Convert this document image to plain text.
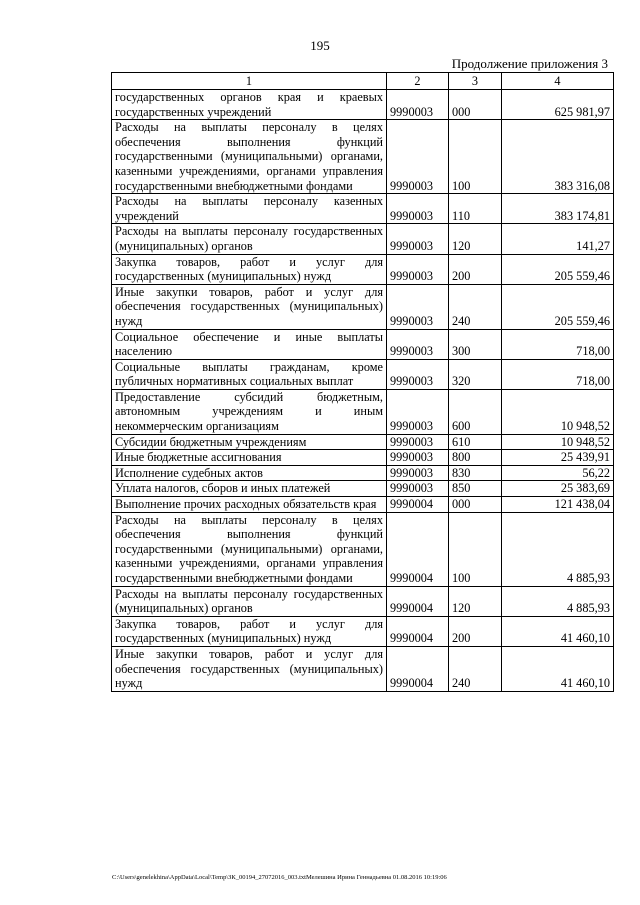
195
Продолжение приложения 3
1	2	3	4
государственных органов края и краевых государственных учреждений	9990003	000	625 981,97
Расходы на выплаты персоналу в целях обеспечения выполнения функций государственными (муниципальными) органами, казенными учреждениями, органами управления государственными внебюджетными фондами	9990003	100	383 316,08
Расходы на выплаты персоналу казенных учреждений	9990003	110	383 174,81
Расходы на выплаты персоналу государственных (муниципальных) органов	9990003	120	141,27
Закупка товаров, работ и услуг для государственных (муниципальных) нужд	9990003	200	205 559,46
Иные закупки товаров, работ и услуг для обеспечения государственных (муниципальных) нужд	9990003	240	205 559,46
Социальное обеспечение и иные выплаты населению	9990003	300	718,00
Социальные выплаты гражданам, кроме публичных нормативных социальных выплат	9990003	320	718,00
Предоставление субсидий бюджетным, автономным учреждениям и иным некоммерческим организациям	9990003	600	10 948,52
Субсидии бюджетным учреждениям	9990003	610	10 948,52
Иные бюджетные ассигнования	9990003	800	25 439,91
Исполнение судебных актов	9990003	830	56,22
Уплата налогов, сборов и иных платежей	9990003	850	25 383,69
Выполнение прочих расходных обязательств края	9990004	000	121 438,04
Расходы на выплаты персоналу в целях обеспечения выполнения функций государственными (муниципальными) органами, казенными учреждениями, органами управления государственными внебюджетными фондами	9990004	100	4 885,93
Расходы на выплаты персоналу государственных (муниципальных) органов	9990004	120	4 885,93
Закупка товаров, работ и услуг для государственных (муниципальных) нужд	9990004	200	41 460,10
Иные закупки товаров, работ и услуг для обеспечения государственных (муниципальных) нужд	9990004	240	41 460,10
C:\Users\genelekhina\AppData\Local\Temp\ЗК_00194_27072016_003.txtМелешина Ирина Геннадьевна 01.08.2016 10:19:06
